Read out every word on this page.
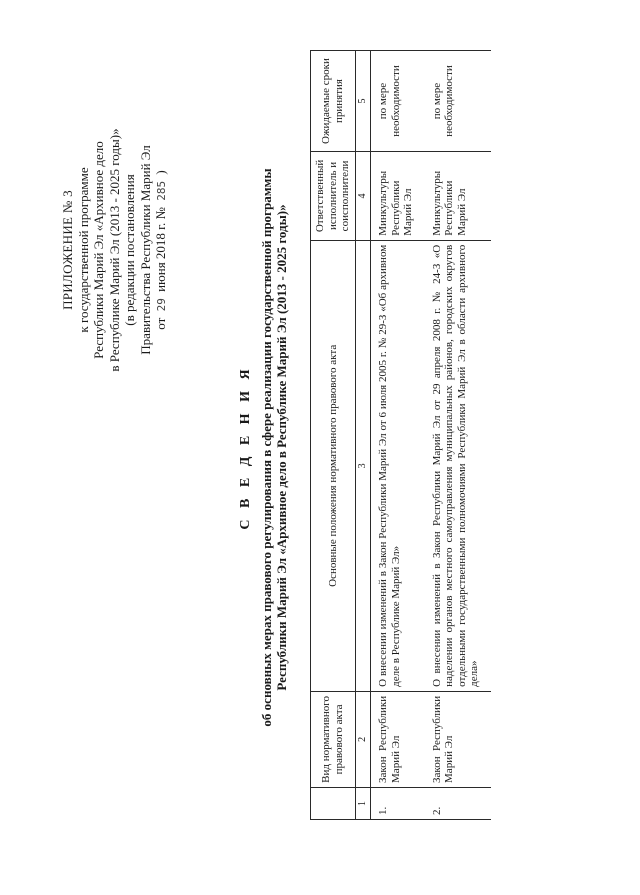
ПРИЛОЖЕНИЕ № 3 к государственной программе Республики Марий Эл «Архивное дело в Республике Марий Эл (2013 - 2025 годы)» (в редакции постановления Правительства Республики Марий Эл от 29 июня 2018 г. № 285 )
С В Е Д Е Н И Я об основных мерах правового регулирования в сфере реализации государственной программы Республики Марий Эл «Архивное дело в Республике Марий Эл (2013 - 2025 годы)»
	Вид нормативного правового акта	Основные положения нормативного правового акта	Ответственный исполнитель и соисполнители	Ожидаемые сроки принятия
1	2	3	4	5
1.	Закон Республики Марий Эл	О внесении изменений в Закон Республики Марий Эл от 6 июля 2005 г. № 29-З «Об архивном деле в Республике Марий Эл»	Минкультуры Республики Марий Эл	по мере необходимости
2.	Закон Республики Марий Эл	О внесении изменений в Закон Республики Марий Эл от 29 апреля 2008 г. № 24-З «О наделении органов местного самоуправления муниципальных районов, городских округов отдельными государственными полномочиями Республики Марий Эл в области архивного дела»	Минкультуры Республики Марий Эл	по мере необходимости
